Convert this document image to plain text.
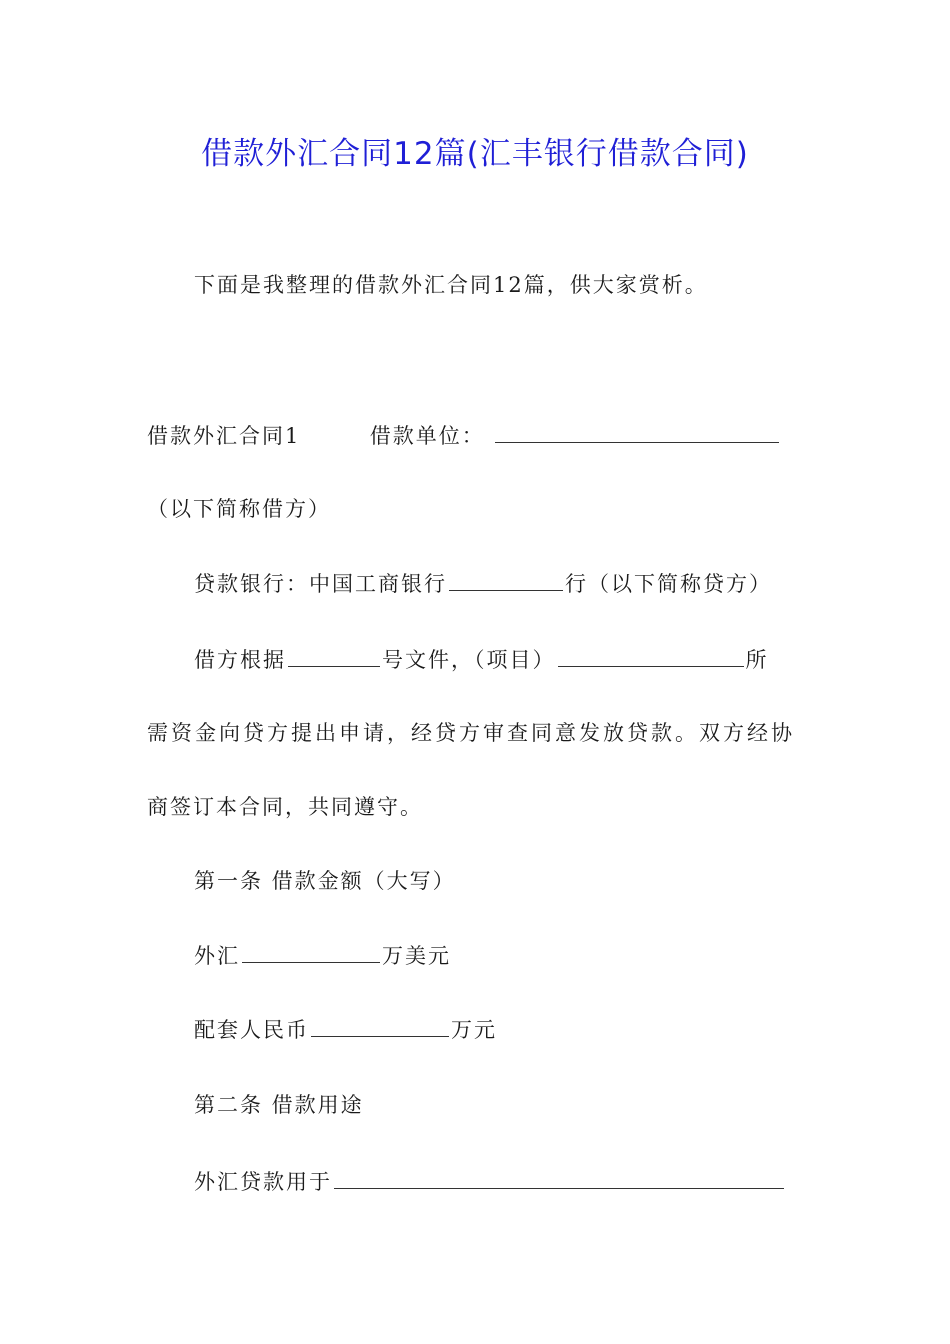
借款外汇合同12篇(汇丰银行借款合同)
下面是我整理的借款外汇合同12篇，供大家赏析。
借款外汇合同1	借款单位：
（以下简称借方）
贷款银行：中国工商银行	行（以下简称贷方）
借方根据	号文件，（项目）	所
需资金向贷方提出申请，经贷方审查同意发放贷款。双方经协
商签订本合同，共同遵守。
第一条 借款金额（大写）
外汇	万美元
配套人民币	万元
第二条 借款用途
外汇贷款用于
